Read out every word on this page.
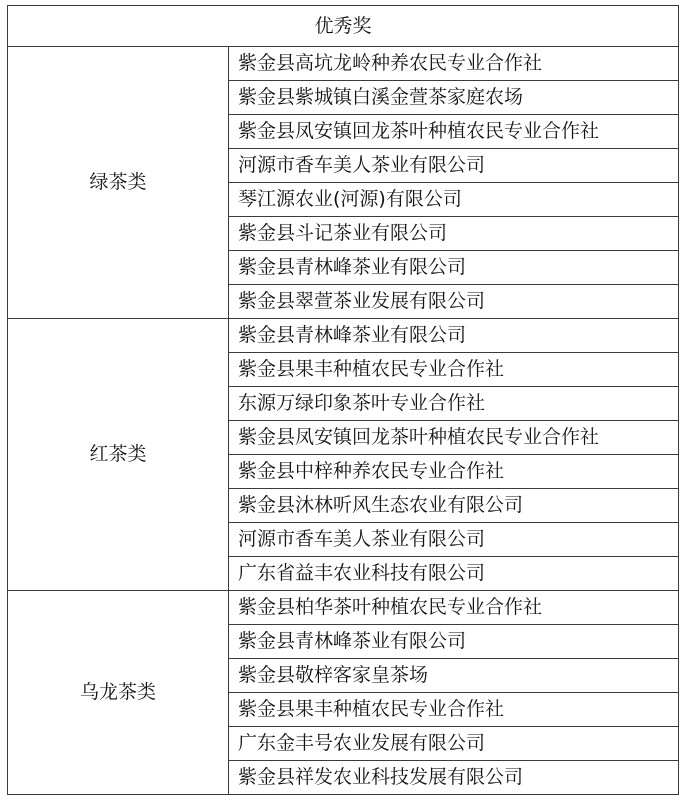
优秀奖	
绿茶类	紫金县高坑龙岭种养农民专业合作社
	紫金县紫城镇白溪金萱茶家庭农场
	紫金县凤安镇回龙茶叶种植农民专业合作社
	河源市香车美人茶业有限公司
	琴江源农业(河源)有限公司
	紫金县斗记茶业有限公司
	紫金县青林峰茶业有限公司
	紫金县翠萱茶业发展有限公司
红茶类	紫金县青林峰茶业有限公司
	紫金县果丰种植农民专业合作社
	东源万绿印象茶叶专业合作社
	紫金县凤安镇回龙茶叶种植农民专业合作社
	紫金县中梓种养农民专业合作社
	紫金县沐林听风生态农业有限公司
	河源市香车美人茶业有限公司
	广东省益丰农业科技有限公司
乌龙茶类	紫金县柏华茶叶种植农民专业合作社
	紫金县青林峰茶业有限公司
	紫金县敬梓客家皇茶场
	紫金县果丰种植农民专业合作社
	广东金丰号农业发展有限公司
	紫金县祥发农业科技发展有限公司
